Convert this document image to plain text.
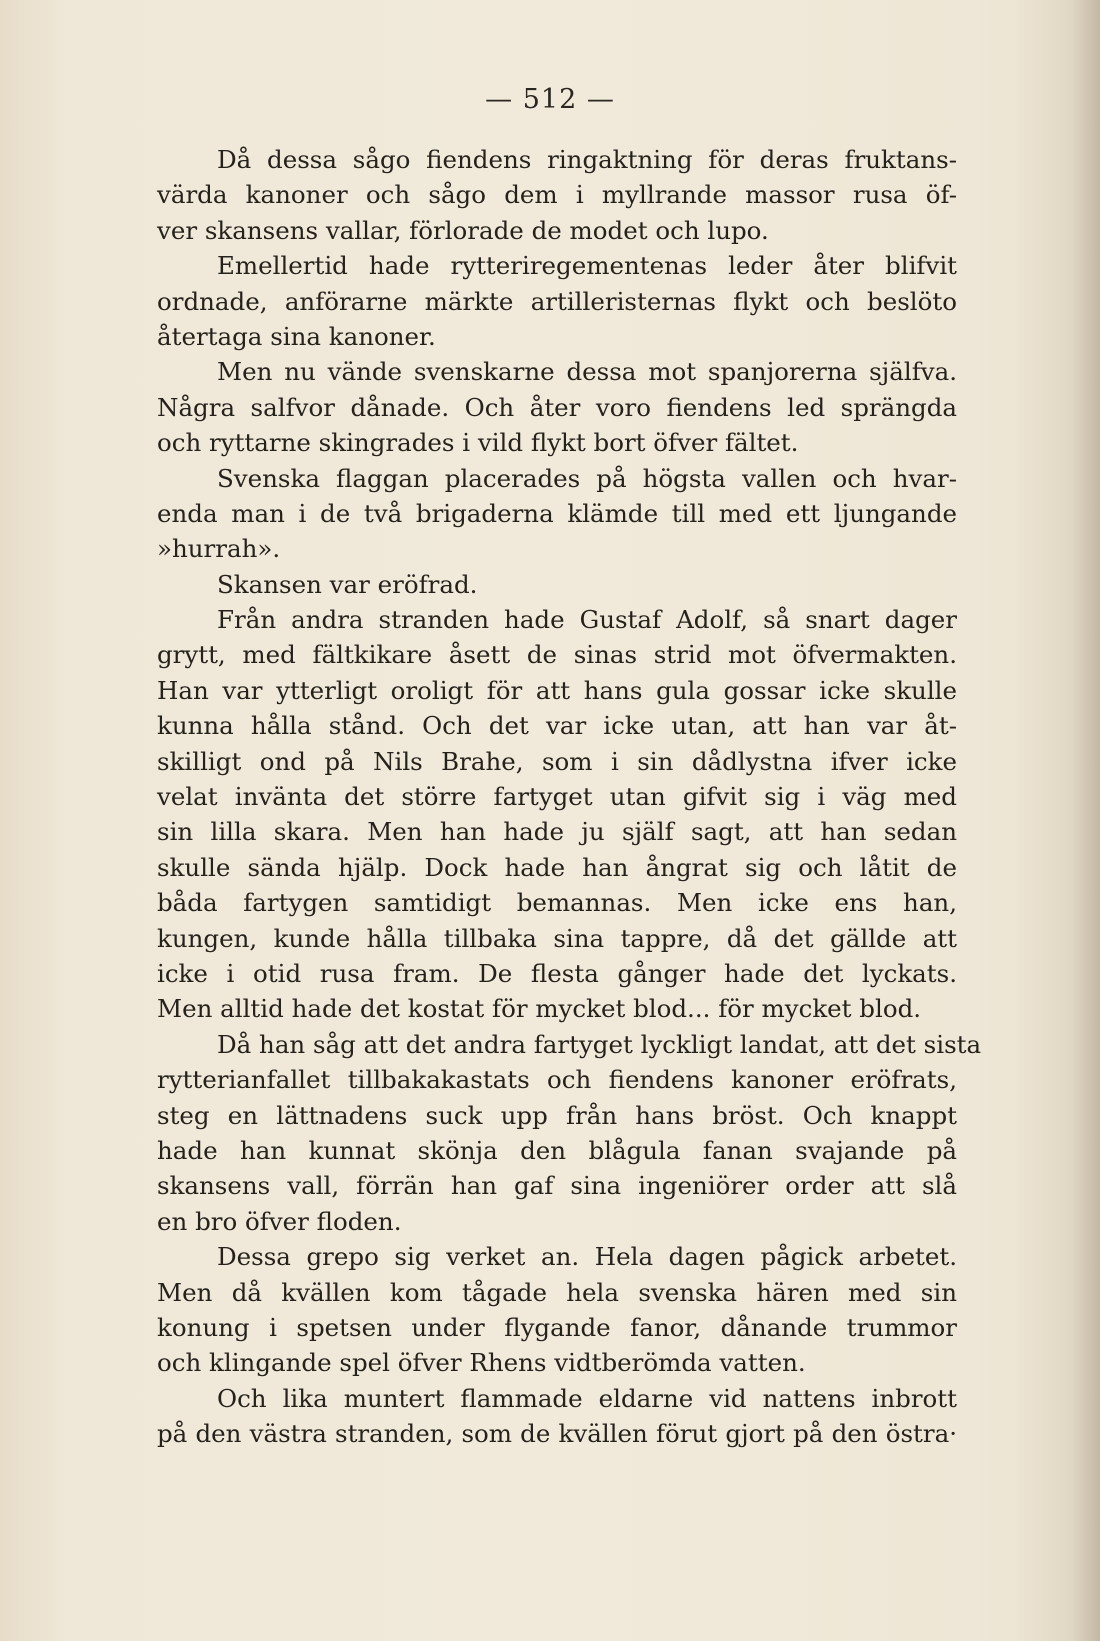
— 512 —
Då dessa sågo fiendens ringaktning för deras fruktans-
värda kanoner och sågo dem i myllrande massor rusa öf-
ver skansens vallar, förlorade de modet och lupo.
Emellertid hade rytteriregementenas leder åter blifvit
ordnade, anförarne märkte artilleristernas flykt och beslöto
återtaga sina kanoner.
Men nu vände svenskarne dessa mot spanjorerna själfva.
Några salfvor dånade. Och åter voro fiendens led sprängda
och ryttarne skingrades i vild flykt bort öfver fältet.
Svenska flaggan placerades på högsta vallen och hvar-
enda man i de två brigaderna klämde till med ett ljungande
»hurrah».
Skansen var eröfrad.
Från andra stranden hade Gustaf Adolf, så snart dager
grytt, med fältkikare åsett de sinas strid mot öfvermakten.
Han var ytterligt oroligt för att hans gula gossar icke skulle
kunna hålla stånd. Och det var icke utan, att han var åt-
skilligt ond på Nils Brahe, som i sin dådlystna ifver icke
velat invänta det större fartyget utan gifvit sig i väg med
sin lilla skara. Men han hade ju själf sagt, att han sedan
skulle sända hjälp. Dock hade han ångrat sig och låtit de
båda fartygen samtidigt bemannas. Men icke ens han,
kungen, kunde hålla tillbaka sina tappre, då det gällde att
icke i otid rusa fram. De flesta gånger hade det lyckats.
Men alltid hade det kostat för mycket blod... för mycket blod.
Då han såg att det andra fartyget lyckligt landat, att det sista
rytterianfallet tillbakakastats och fiendens kanoner eröfrats,
steg en lättnadens suck upp från hans bröst. Och knappt
hade han kunnat skönja den blågula fanan svajande på
skansens vall, förrän han gaf sina ingeniörer order att slå
en bro öfver floden.
Dessa grepo sig verket an. Hela dagen pågick arbetet.
Men då kvällen kom tågade hela svenska hären med sin
konung i spetsen under flygande fanor, dånande trummor
och klingande spel öfver Rhens vidtberömda vatten.
Och lika muntert flammade eldarne vid nattens inbrott
på den västra stranden, som de kvällen förut gjort på den östra·
